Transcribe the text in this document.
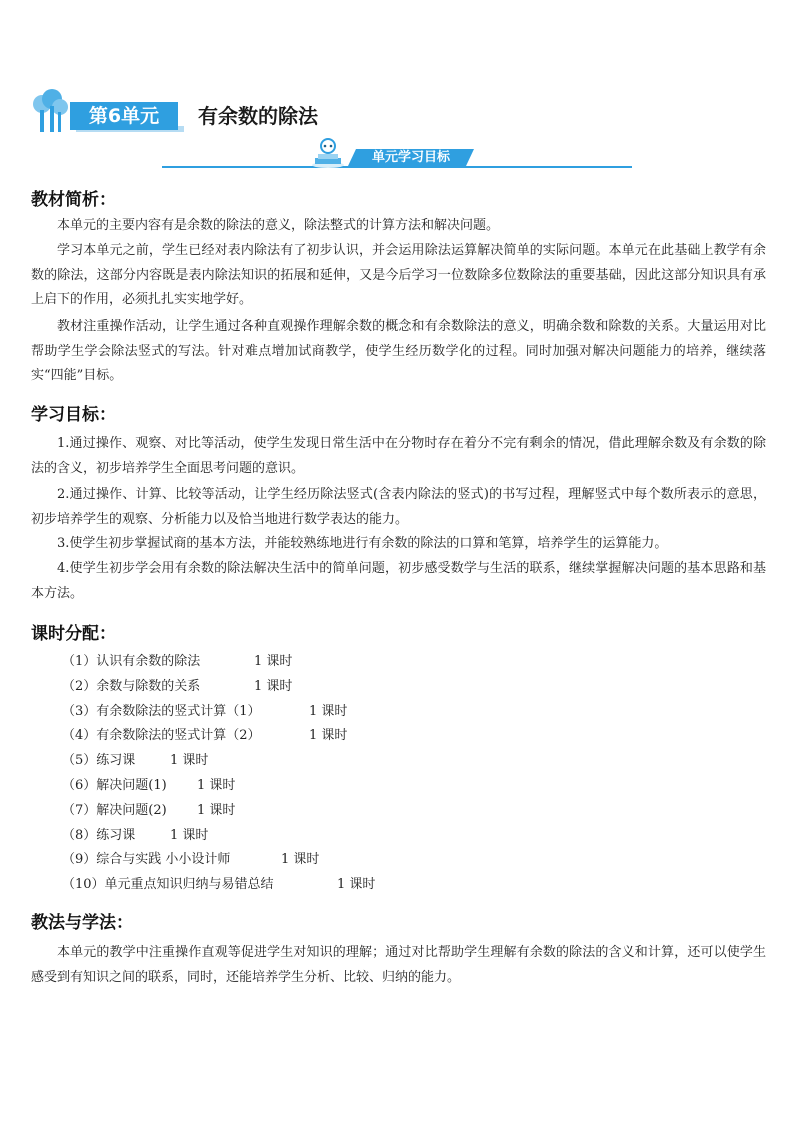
第6单元	有余数的除法
单元学习目标
教材简析：

本单元的主要内容有是余数的除法的意义，除法整式的计算方法和解决问题。

学习本单元之前，学生已经对表内除法有了初步认识，并会运用除法运算解决简单的实际问题。本单元在此基础上教学有余数的除法，这部分内容既是表内除法知识的拓展和延伸，又是今后学习一位数除多位数除法的重要基础，因此这部分知识具有承上启下的作用，必须扎扎实实地学好。

教材注重操作活动，让学生通过各种直观操作理解余数的概念和有余数除法的意义，明确余数和除数的关系。大量运用对比帮助学生学会除法竖式的写法。针对难点增加试商教学，使学生经历数学化的过程。同时加强对解决问题能力的培养，继续落实“四能”目标。

学习目标：

1.通过操作、观察、对比等活动，使学生发现日常生活中在分物时存在着分不完有剩余的情况，借此理解余数及有余数的除法的含义，初步培养学生全面思考问题的意识。

2.通过操作、计算、比较等活动，让学生经历除法竖式(含表内除法的竖式)的书写过程，理解竖式中每个数所表示的意思，初步培养学生的观察、分析能力以及恰当地进行数学表达的能力。

3.使学生初步掌握试商的基本方法，并能较熟练地进行有余数的除法的口算和笔算，培养学生的运算能力。

4.使学生初步学会用有余数的除法解决生活中的简单问题，初步感受数学与生活的联系，继续掌握解决问题的基本思路和基本方法。

课时分配：
（1）认识有余数的除法	1 课时
（2）余数与除数的关系	1 课时
（3）有余数除法的竖式计算（1）	1 课时
（4）有余数除法的竖式计算（2）	1 课时
（5）练习课	1 课时
（6）解决问题(1) 1 课时
（7）解决问题(2) 1 课时
（8）练习课	1 课时
（9）综合与实践 小小设计师	1 课时
（10）单元重点知识归纳与易错总结	1 课时
教法与学法：

本单元的教学中注重操作直观等促进学生对知识的理解；通过对比帮助学生理解有余数的除法的含义和计算，还可以使学生感受到有知识之间的联系，同时，还能培养学生分析、比较、归纳的能力。
